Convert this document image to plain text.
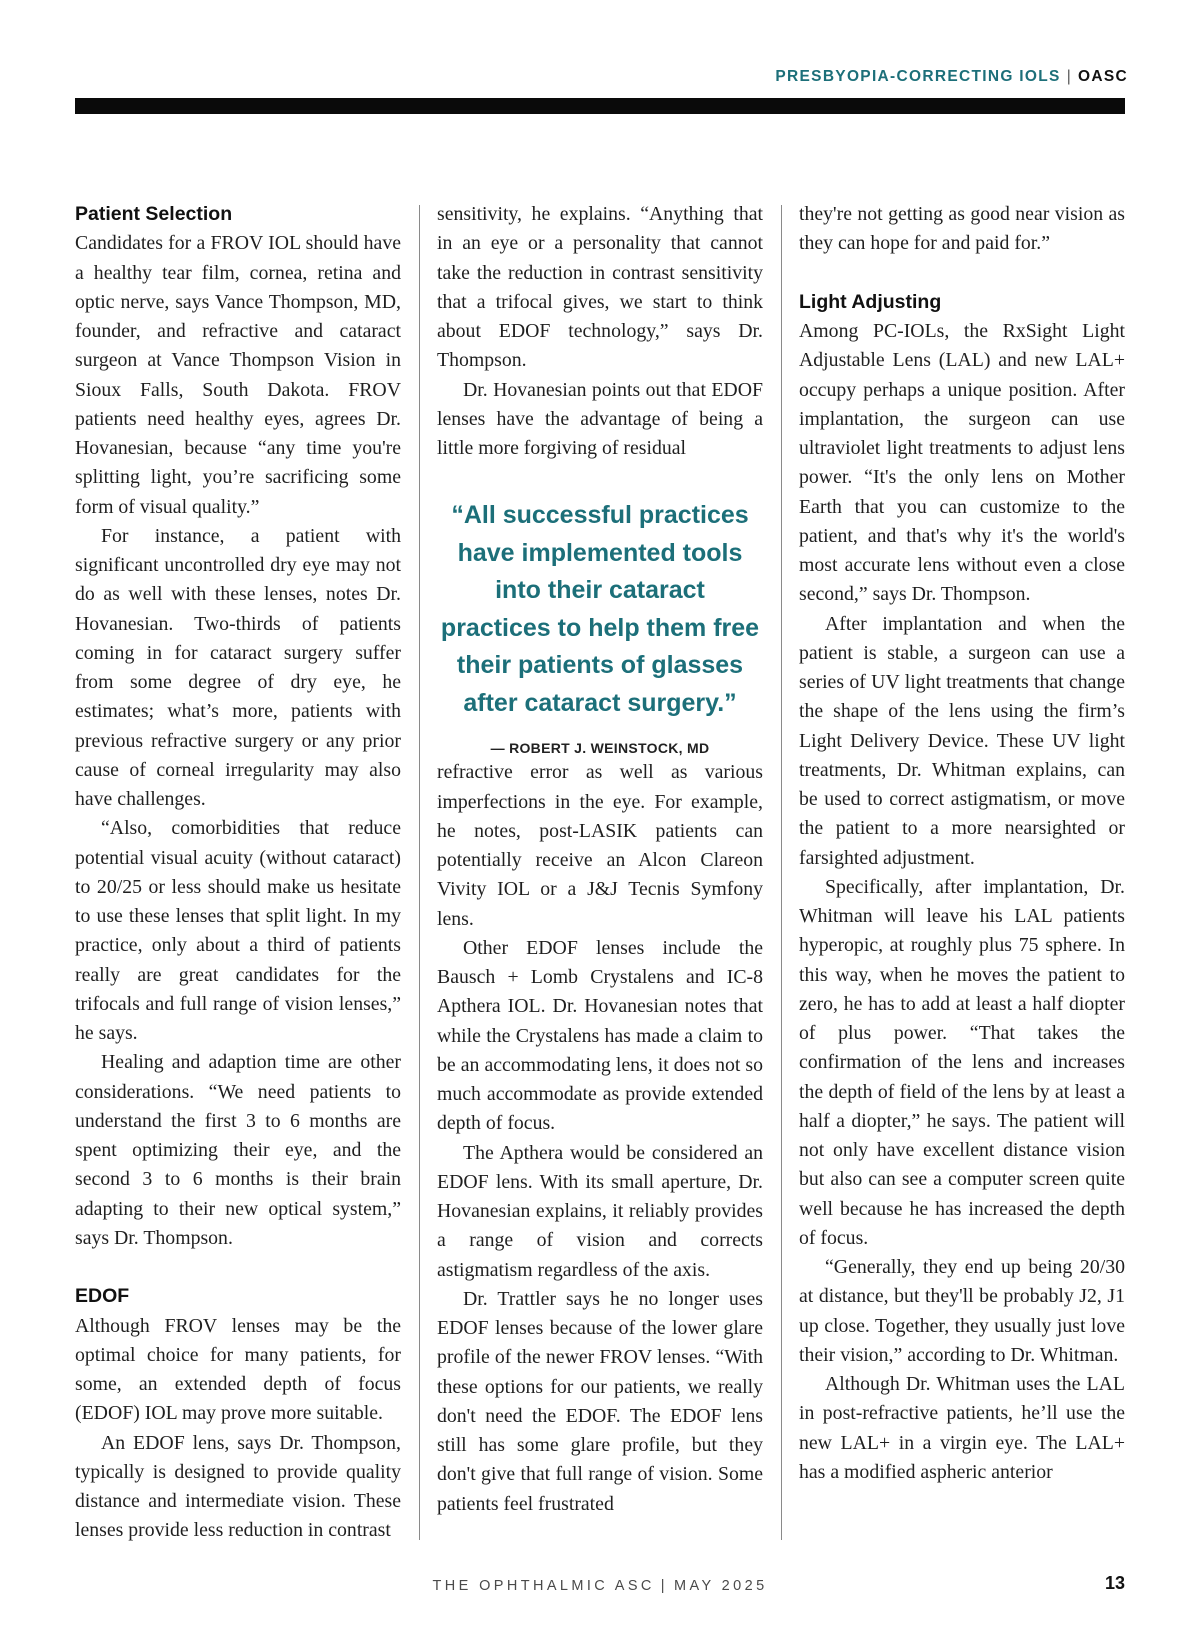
PRESBYOPIA-CORRECTING IOLS | OASC
Patient Selection

Candidates for a FROV IOL should have a healthy tear film, cornea, retina and optic nerve, says Vance Thompson, MD, founder, and refractive and cataract surgeon at Vance Thompson Vision in Sioux Falls, South Dakota. FROV patients need healthy eyes, agrees Dr. Hovanesian, because “any time you're splitting light, you’re sacrificing some form of visual quality.”

For instance, a patient with significant uncontrolled dry eye may not do as well with these lenses, notes Dr. Hovanesian. Two-thirds of patients coming in for cataract surgery suffer from some degree of dry eye, he estimates; what’s more, patients with previous refractive surgery or any prior cause of corneal irregularity may also have challenges.

“Also, comorbidities that reduce potential visual acuity (without cataract) to 20/25 or less should make us hesitate to use these lenses that split light. In my practice, only about a third of patients really are great candidates for the trifocals and full range of vision lenses,” he says.

Healing and adaption time are other considerations. “We need patients to understand the first 3 to 6 months are spent optimizing their eye, and the second 3 to 6 months is their brain adapting to their new optical system,” says Dr. Thompson.

EDOF

Although FROV lenses may be the optimal choice for many patients, for some, an extended depth of focus (EDOF) IOL may prove more suitable.

An EDOF lens, says Dr. Thompson, typically is designed to provide quality distance and intermediate vision. These lenses provide less reduction in contrast

sensitivity, he explains. “Anything that in an eye or a personality that cannot take the reduction in contrast sensitivity that a trifocal gives, we start to think about EDOF technology,” says Dr. Thompson.

Dr. Hovanesian points out that EDOF lenses have the advantage of being a little more forgiving of residual

“All successful practices have implemented tools into their cataract practices to help them free their patients of glasses after cataract surgery.”
— ROBERT J. WEINSTOCK, MD

refractive error as well as various imperfections in the eye. For example, he notes, post-LASIK patients can potentially receive an Alcon Clareon Vivity IOL or a J&J Tecnis Symfony lens.

Other EDOF lenses include the Bausch + Lomb Crystalens and IC-8 Apthera IOL. Dr. Hovanesian notes that while the Crystalens has made a claim to be an accommodating lens, it does not so much accommodate as provide extended depth of focus.

The Apthera would be considered an EDOF lens. With its small aperture, Dr. Hovanesian explains, it reliably provides a range of vision and corrects astigmatism regardless of the axis.

Dr. Trattler says he no longer uses EDOF lenses because of the lower glare profile of the newer FROV lenses. “With these options for our patients, we really don't need the EDOF. The EDOF lens still has some glare profile, but they don't give that full range of vision. Some patients feel frustrated

they're not getting as good near vision as they can hope for and paid for.”

Light Adjusting

Among PC-IOLs, the RxSight Light Adjustable Lens (LAL) and new LAL+ occupy perhaps a unique position. After implantation, the surgeon can use ultraviolet light treatments to adjust lens power. “It's the only lens on Mother Earth that you can customize to the patient, and that's why it's the world's most accurate lens without even a close second,” says Dr. Thompson.

After implantation and when the patient is stable, a surgeon can use a series of UV light treatments that change the shape of the lens using the firm’s Light Delivery Device. These UV light treatments, Dr. Whitman explains, can be used to correct astigmatism, or move the patient to a more nearsighted or farsighted adjustment.

Specifically, after implantation, Dr. Whitman will leave his LAL patients hyperopic, at roughly plus 75 sphere. In this way, when he moves the patient to zero, he has to add at least a half diopter of plus power. “That takes the confirmation of the lens and increases the depth of field of the lens by at least a half a diopter,” he says. The patient will not only have excellent distance vision but also can see a computer screen quite well because he has increased the depth of focus.

“Generally, they end up being 20/30 at distance, but they'll be probably J2, J1 up close. Together, they usually just love their vision,” according to Dr. Whitman.

Although Dr. Whitman uses the LAL in post-refractive patients, he’ll use the new LAL+ in a virgin eye. The LAL+ has a modified aspheric anterior

THE OPHTHALMIC ASC | MAY 2025	13
